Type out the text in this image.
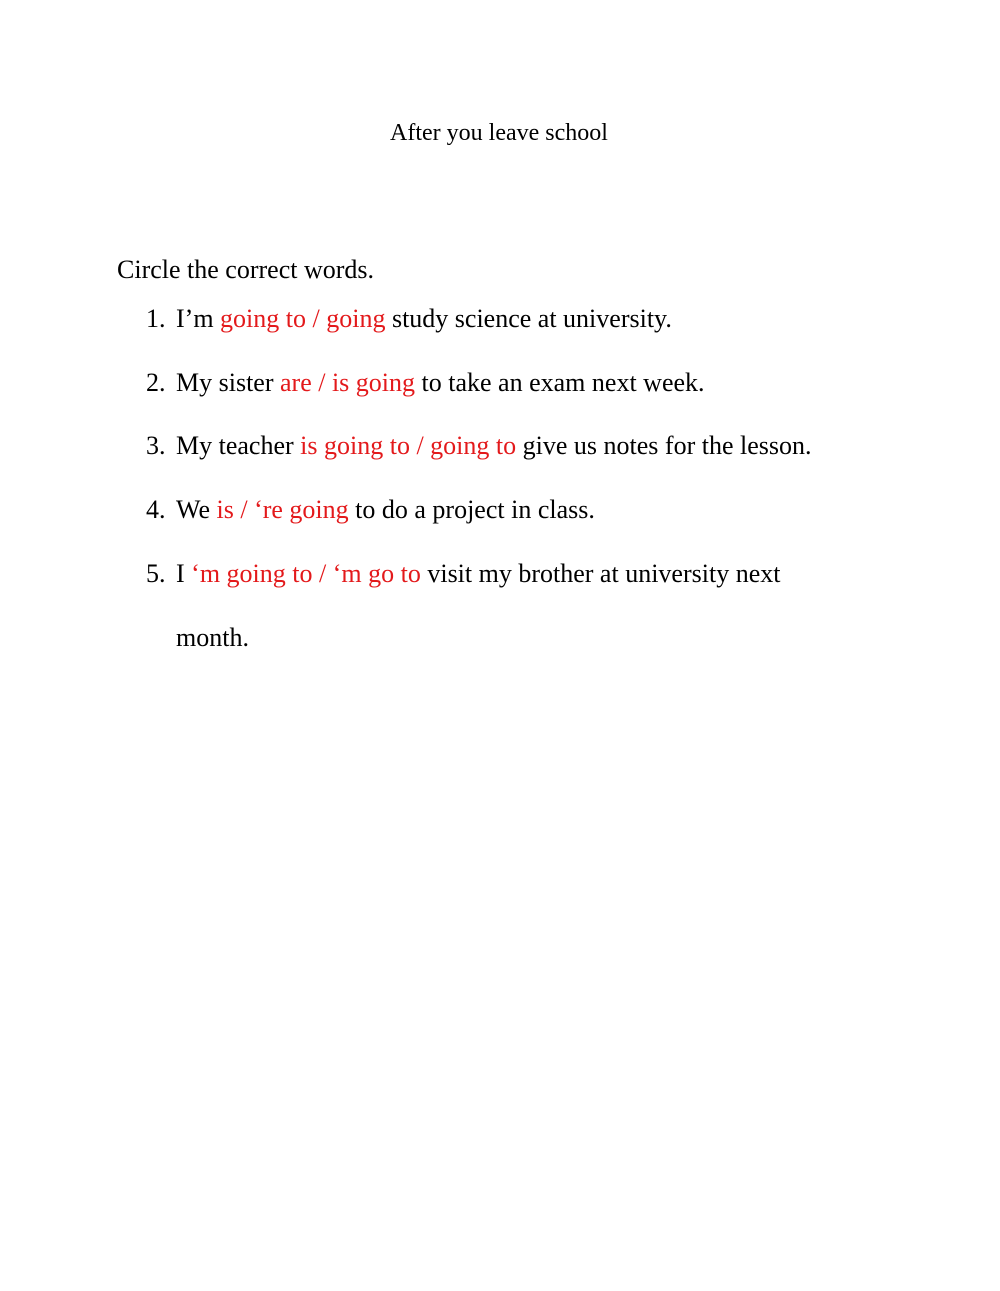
After you leave school
Circle the correct words.
1. I’m going to / going study science at university.
2. My sister are / is going to take an exam next week.
3. My teacher is going to / going to give us notes for the lesson.
4. We is / ‘re going to do a project in class.
5. I ‘m going to / ‘m go to visit my brother at university next
month.
